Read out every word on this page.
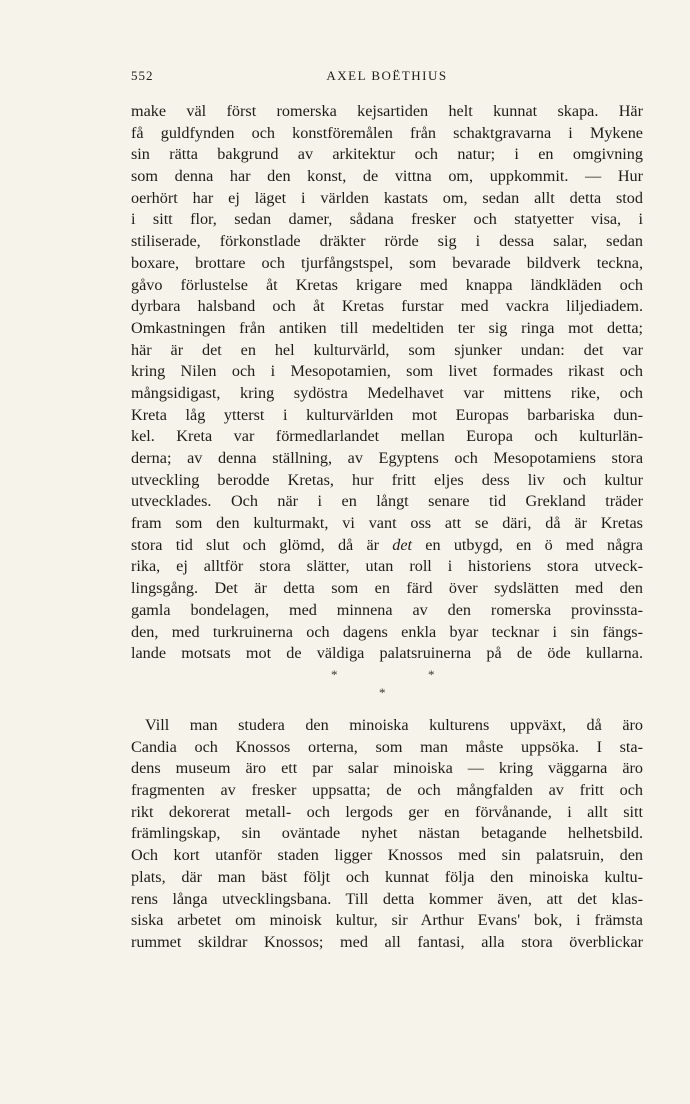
552	AXEL BOËTHIUS
make väl först romerska kejsartiden helt kunnat skapa. Här
få guldfynden och konstföremålen från schaktgravarna i Mykene
sin rätta bakgrund av arkitektur och natur; i en omgivning
som denna har den konst, de vittna om, uppkommit. — Hur
oerhört har ej läget i världen kastats om, sedan allt detta stod
i sitt flor, sedan damer, sådana fresker och statyetter visa, i
stiliserade, förkonstlade dräkter rörde sig i dessa salar, sedan
boxare, brottare och tjurfångstspel, som bevarade bildverk teckna,
gåvo förlustelse åt Kretas krigare med knappa ländkläden och
dyrbara halsband och åt Kretas furstar med vackra liljediadem.
Omkastningen från antiken till medeltiden ter sig ringa mot detta;
här är det en hel kulturvärld, som sjunker undan: det var
kring Nilen och i Mesopotamien, som livet formades rikast och
mångsidigast, kring sydöstra Medelhavet var mittens rike, och
Kreta låg ytterst i kulturvärlden mot Europas barbariska dun-
kel. Kreta var förmedlarlandet mellan Europa och kulturlän-
derna; av denna ställning, av Egyptens och Mesopotamiens stora
utveckling berodde Kretas, hur fritt eljes dess liv och kultur
utvecklades. Och när i en långt senare tid Grekland träder
fram som den kulturmakt, vi vant oss att se däri, då är Kretas
stora tid slut och glömd, då är det en utbygd, en ö med några
rika, ej alltför stora slätter, utan roll i historiens stora utveck-
lingsgång. Det är detta som en färd över sydslätten med den
gamla bondelagen, med minnena av den romerska provinssta-
den, med turkruinerna och dagens enkla byar tecknar i sin fängs-
lande motsats mot de väldiga palatsruinerna på de öde kullarna.
*	*
*
Vill man studera den minoiska kulturens uppväxt, då äro
Candia och Knossos orterna, som man måste uppsöka. I sta-
dens museum äro ett par salar minoiska — kring väggarna äro
fragmenten av fresker uppsatta; de och mångfalden av fritt och
rikt dekorerat metall- och lergods ger en förvånande, i allt sitt
främlingskap, sin oväntade nyhet nästan betagande helhetsbild.
Och kort utanför staden ligger Knossos med sin palatsruin, den
plats, där man bäst följt och kunnat följa den minoiska kultu-
rens långa utvecklingsbana. Till detta kommer även, att det klas-
siska arbetet om minoisk kultur, sir Arthur Evans' bok, i främsta
rummet skildrar Knossos; med all fantasi, alla stora överblickar
